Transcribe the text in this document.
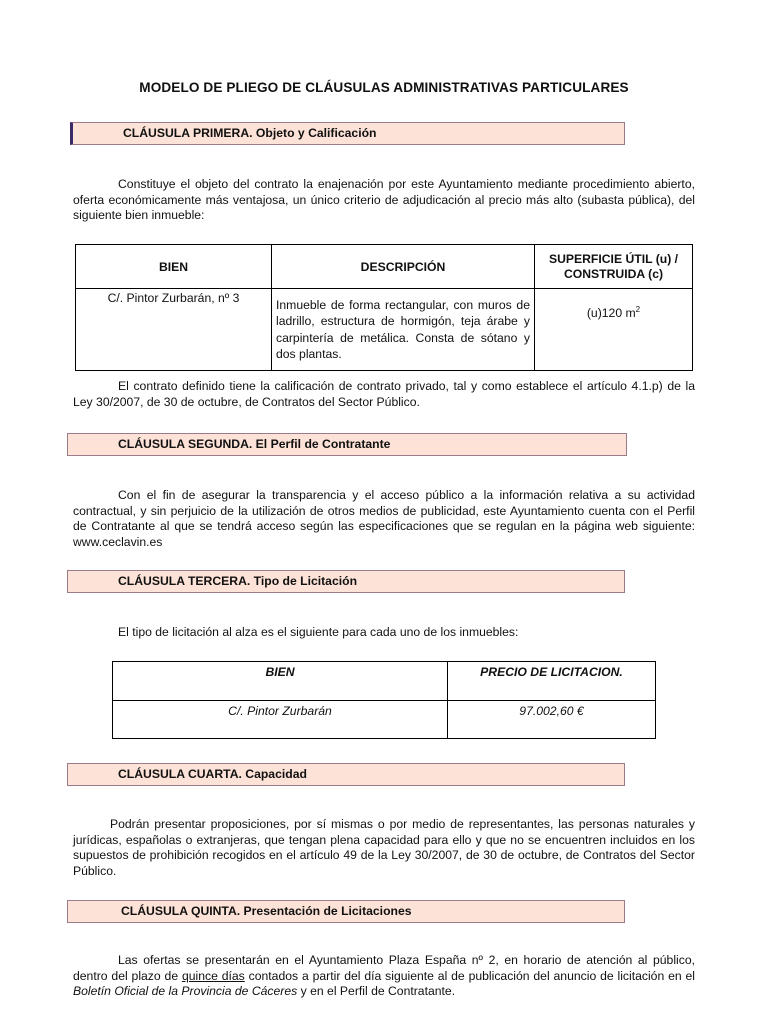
MODELO DE PLIEGO DE CLÁUSULAS ADMINISTRATIVAS PARTICULARES
CLÁUSULA PRIMERA. Objeto y Calificación

Constituye el objeto del contrato la enajenación por este Ayuntamiento mediante procedimiento abierto, oferta económicamente más ventajosa, un único criterio de adjudicación al precio más alto (subasta pública), del siguiente bien inmueble:

BIEN	DESCRIPCIÓN	SUPERFICIE ÚTIL (u) / CONSTRUIDA (c)
C/. Pintor Zurbarán, nº 3	Inmueble de forma rectangular, con muros de ladrillo, estructura de hormigón, teja árabe y carpintería de metálica. Consta de sótano y dos plantas.	(u)120 $m^2$

El contrato definido tiene la calificación de contrato privado, tal y como establece el artículo 4.1.p) de la Ley 30/2007, de 30 de octubre, de Contratos del Sector Público.

CLÁUSULA SEGUNDA. El Perfil de Contratante

Con el fin de asegurar la transparencia y el acceso público a la información relativa a su actividad contractual, y sin perjuicio de la utilización de otros medios de publicidad, este Ayuntamiento cuenta con el Perfil de Contratante al que se tendrá acceso según las especificaciones que se regulan en la página web siguiente: www.ceclavin.es

CLÁUSULA TERCERA. Tipo de Licitación

El tipo de licitación al alza es el siguiente para cada uno de los inmuebles:

BIEN	PRECIO DE LICITACION.
C/. Pintor Zurbarán	97.002,60 €
CLÁUSULA CUARTA. Capacidad

Podrán presentar proposiciones, por sí mismas o por medio de representantes, las personas naturales y jurídicas, españolas o extranjeras, que tengan plena capacidad para ello y que no se encuentren incluidos en los supuestos de prohibición recogidos en el artículo 49 de la Ley 30/2007, de 30 de octubre, de Contratos del Sector Público.

CLÁUSULA QUINTA. Presentación de Licitaciones

Las ofertas se presentarán en el Ayuntamiento Plaza España nº 2, en horario de atención al público, dentro del plazo de quince días contados a partir del día siguiente al de publicación del anuncio de licitación en el Boletín Oficial de la Provincia de Cáceres y en el Perfil de Contratante.
